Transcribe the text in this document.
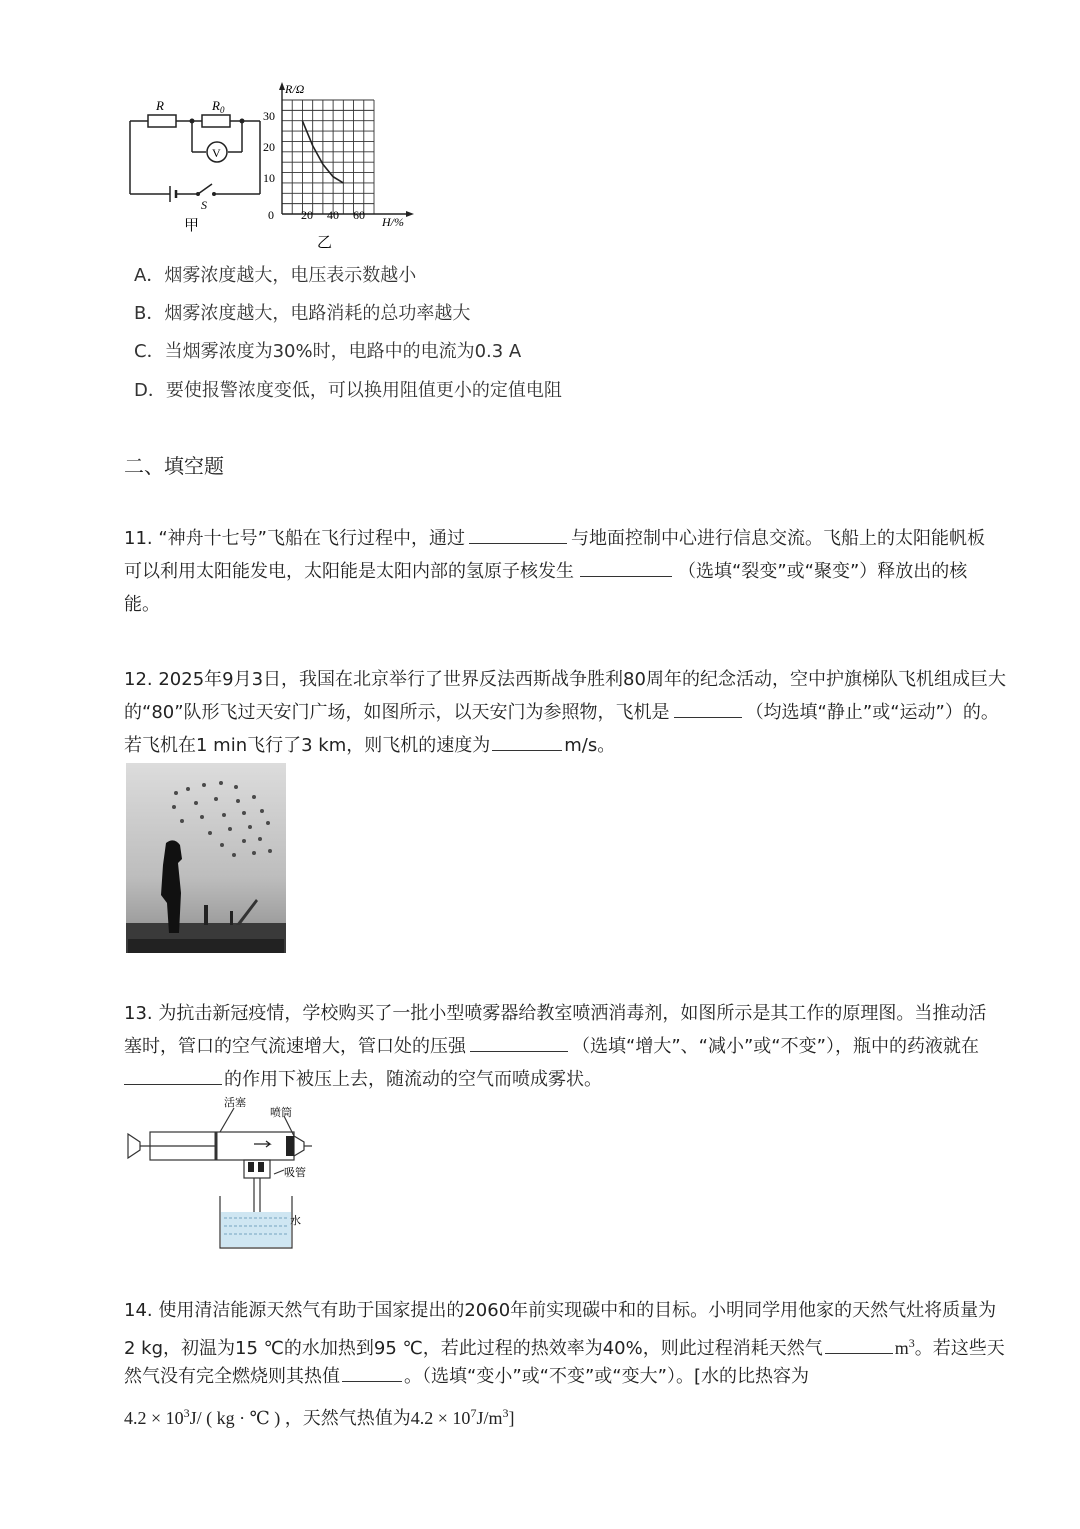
R	$R_0$
V
S
甲
R/Ω
H/%
30
20
10
0 20 40 60
乙
A．烟雾浓度越大，电压表示数越小
B．烟雾浓度越大，电路消耗的总功率越大
C．当烟雾浓度为30%时，电路中的电流为0.3 A
D．要使报警浓度变低，可以换用阻值更小的定值电阻
二、填空题
11. “神舟十七号”飞船在飞行过程中，通过	与地面控制中心进行信息交流。飞船上的太阳能帆板
可以利用太阳能发电，太阳能是太阳内部的氢原子核发生	（选填“裂变”或“聚变”）释放出的核
能。
12. 2025年9月3日，我国在北京举行了世界反法西斯战争胜利80周年的纪念活动，空中护旗梯队飞机组成巨大
的“80”队形飞过天安门广场，如图所示，以天安门为参照物，飞机是	（均选填“静止”或“运动”）的。
若飞机在1 min飞行了3 km，则飞机的速度为	m/s。
13. 为抗击新冠疫情，学校购买了一批小型喷雾器给教室喷洒消毒剂，如图所示是其工作的原理图。当推动活
塞时，管口的空气流速增大，管口处的压强	（选填“增大”、“减小”或“不变”），瓶中的药液就在
的作用下被压上去，随流动的空气而喷成雾状。
活塞
喷筒
吸管
水
14. 使用清洁能源天然气有助于国家提出的2060年前实现碳中和的目标。小明同学用他家的天然气灶将质量为
2 kg，初温为15 ℃的水加热到95 ℃，若此过程的热效率为40%，则此过程消耗天然气	$m^3$。若这些天
然气没有完全燃烧则其热值	。（选填“变小”或“不变”或“变大”）。[水的比热容为
$4.2 \times 10^3J/$ ( kg · ℃ ) ，天然气热值为$4.2 \times 10^7J/m^3$]
